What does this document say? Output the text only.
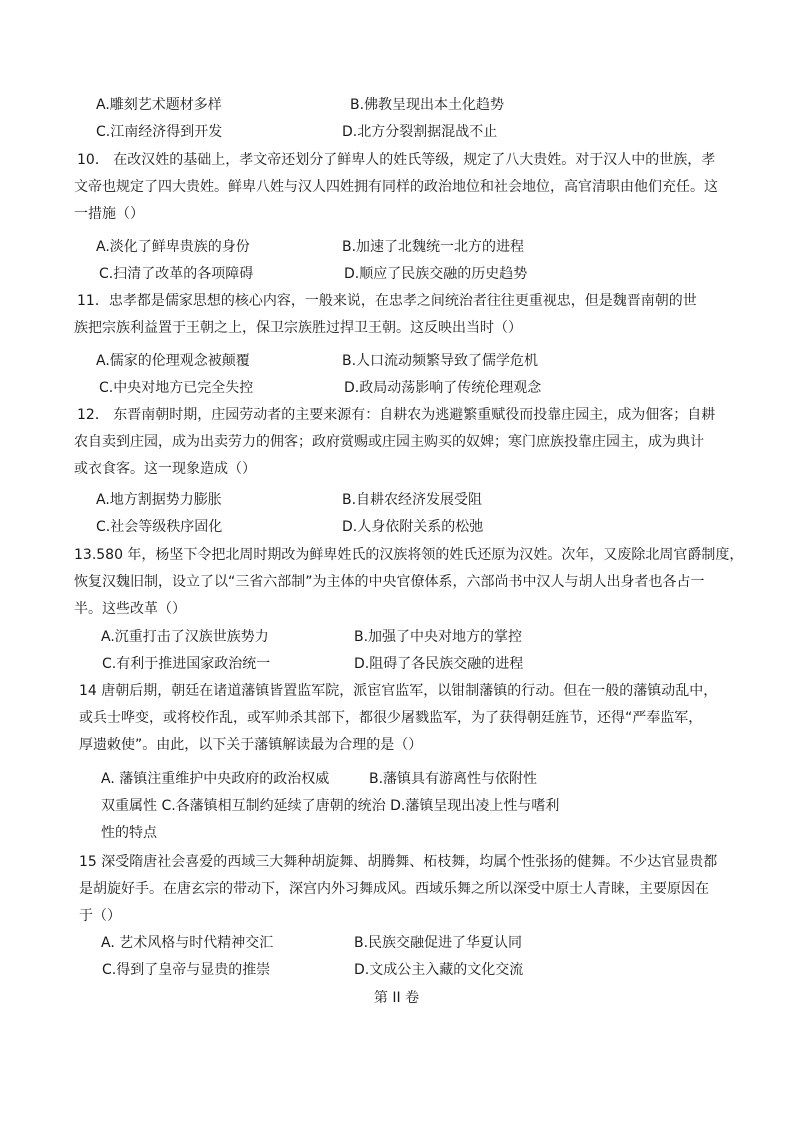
A.雕刻艺术题材多样	B.佛教呈现出本土化趋势
C.江南经济得到开发	D.北方分裂割据混战不止
10． 在改汉姓的基础上，孝文帝还划分了鲜卑人的姓氏等级，规定了八大贵姓。对于汉人中的世族，孝
文帝也规定了四大贵姓。鲜卑八姓与汉人四姓拥有同样的政治地位和社会地位，高官清职由他们充任。这
一措施（）
A.淡化了鲜卑贵族的身份	B.加速了北魏统一北方的进程
C.扫清了改革的各项障碍	D.顺应了民族交融的历史趋势
11．忠孝都是儒家思想的核心内容，一般来说，在忠孝之间统治者往往更重视忠，但是魏晋南朝的世
族把宗族利益置于王朝之上，保卫宗族胜过捍卫王朝。这反映出当时（）
A.儒家的伦理观念被颠覆	B.人口流动频繁导致了儒学危机
C.中央对地方已完全失控	D.政局动荡影响了传统伦理观念
12． 东晋南朝时期，庄园劳动者的主要来源有：自耕农为逃避繁重赋役而投靠庄园主，成为佃客；自耕
农自卖到庄园，成为出卖劳力的佣客；政府赏赐或庄园主购买的奴婢；寒门庶族投靠庄园主，成为典计
或衣食客。这一现象造成（）
A.地方割据势力膨胀	B.自耕农经济发展受阻
C.社会等级秩序固化	D.人身依附关系的松弛
13.580 年，杨坚下令把北周时期改为鲜卑姓氏的汉族将领的姓氏还原为汉姓。次年，又废除北周官爵制度，
恢复汉魏旧制，设立了以“三省六部制”为主体的中央官僚体系，六部尚书中汉人与胡人出身者也各占一
半。这些改革（）
A.沉重打击了汉族世族势力	B.加强了中央对地方的掌控
C.有利于推进国家政治统一	D.阻碍了各民族交融的进程
14 唐朝后期，朝廷在诸道藩镇皆置监军院，派宦官监军，以钳制藩镇的行动。但在一般的藩镇动乱中，
或兵士哗变，或将校作乱，或军帅杀其部下，都很少屠戮监军，为了获得朝廷旌节，还得“严奉监军，
厚遗敕使”。由此，以下关于藩镇解读最为合理的是（）
A. 藩镇注重维护中央政府的政治权威	B.藩镇具有游离性与依附性
双重属性 C.各藩镇相互制约延续了唐朝的统治 D.藩镇呈现出凌上性与嗜利
性的特点
15 深受隋唐社会喜爱的西域三大舞种胡旋舞、胡腾舞、柘枝舞，均属个性张扬的健舞。不少达官显贵都
是胡旋好手。在唐玄宗的带动下，深宫内外习舞成风。西域乐舞之所以深受中原士人青睐，主要原因在
于（）
A. 艺术风格与时代精神交汇	B.民族交融促进了华夏认同
C.得到了皇帝与显贵的推崇	D.文成公主入藏的文化交流
第 II 卷
